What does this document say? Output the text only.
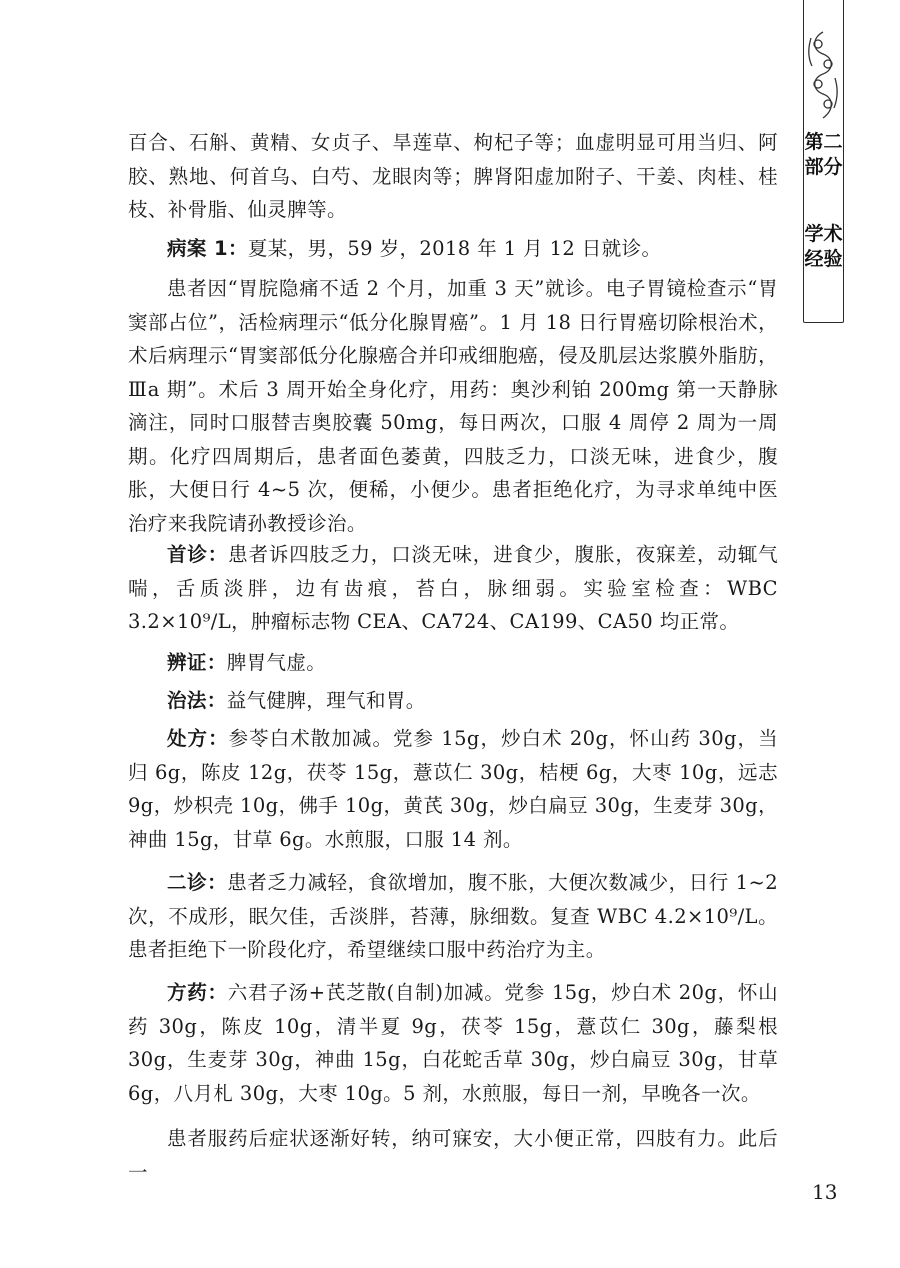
第二部分
学术经验

百合、石斛、黄精、女贞子、旱莲草、枸杞子等；血虚明显可用当归、阿胶、熟地、何首乌、白芍、龙眼肉等；脾肾阳虚加附子、干姜、肉桂、桂枝、补骨脂、仙灵脾等。

病案 1：夏某，男，59 岁，2018 年 1 月 12 日就诊。

患者因“胃脘隐痛不适 2 个月，加重 3 天”就诊。电子胃镜检查示“胃窦部占位”，活检病理示“低分化腺胃癌”。1 月 18 日行胃癌切除根治术，术后病理示“胃窦部低分化腺癌合并印戒细胞癌，侵及肌层达浆膜外脂肪，Ⅲa 期”。术后 3 周开始全身化疗，用药：奥沙利铂 200mg 第一天静脉滴注，同时口服替吉奥胶囊 50mg，每日两次，口服 4 周停 2 周为一周期。化疗四周期后，患者面色萎黄，四肢乏力，口淡无味，进食少，腹胀，大便日行 4~5 次，便稀，小便少。患者拒绝化疗，为寻求单纯中医治疗来我院请孙教授诊治。

首诊：患者诉四肢乏力，口淡无味，进食少，腹胀，夜寐差，动辄气喘，舌质淡胖，边有齿痕，苔白，脉细弱。实验室检查：WBC 3.2×10⁹/L，肿瘤标志物 CEA、CA724、CA199、CA50 均正常。

辨证：脾胃气虚。

治法：益气健脾，理气和胃。

处方：参苓白术散加减。党参 15g，炒白术 20g，怀山药 30g，当归 6g，陈皮 12g，茯苓 15g，薏苡仁 30g，桔梗 6g，大枣 10g，远志 9g，炒枳壳 10g，佛手 10g，黄芪 30g，炒白扁豆 30g，生麦芽 30g，神曲 15g，甘草 6g。水煎服，口服 14 剂。

二诊：患者乏力减轻，食欲增加，腹不胀，大便次数减少，日行 1~2 次，不成形，眠欠佳，舌淡胖，苔薄，脉细数。复查 WBC 4.2×10⁹/L。患者拒绝下一阶段化疗，希望继续口服中药治疗为主。

方药：六君子汤+芪芝散(自制)加减。党参 15g，炒白术 20g，怀山药 30g，陈皮 10g，清半夏 9g，茯苓 15g，薏苡仁 30g，藤梨根 30g，生麦芽 30g，神曲 15g，白花蛇舌草 30g，炒白扁豆 30g，甘草 6g，八月札 30g，大枣 10g。5 剂，水煎服，每日一剂，早晚各一次。

患者服药后症状逐渐好转，纳可寐安，大小便正常，四肢有力。此后一

13
